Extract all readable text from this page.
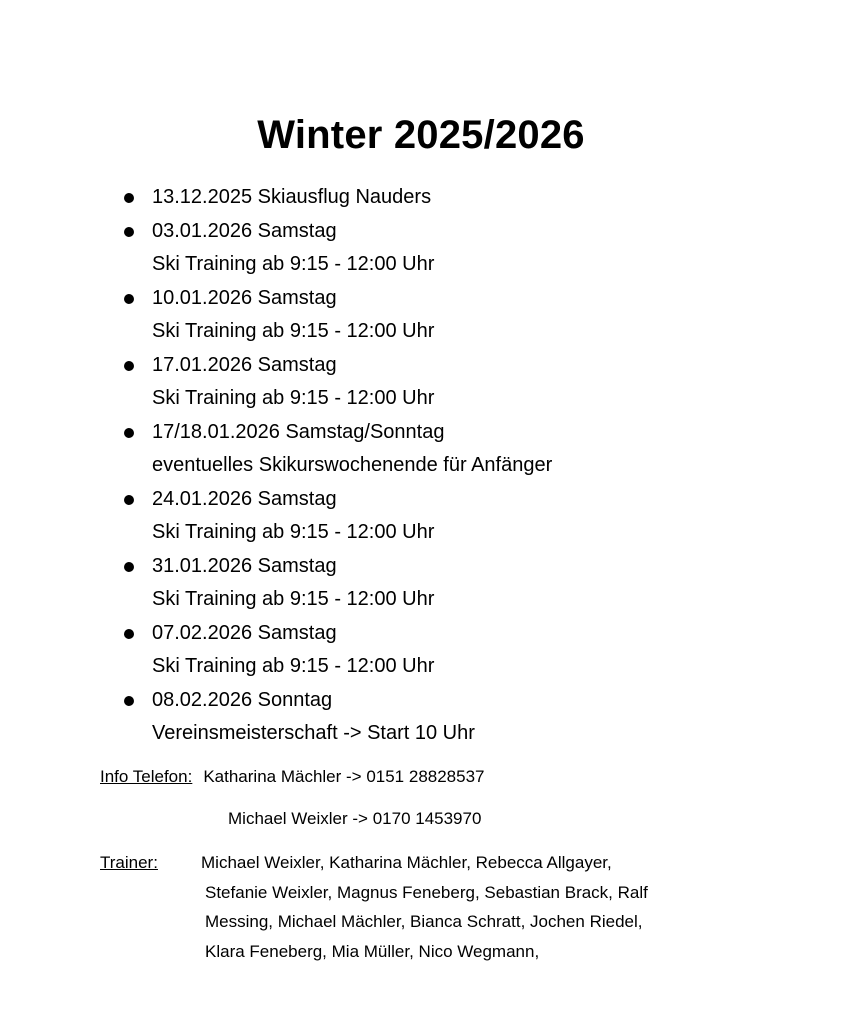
Winter 2025/2026
13.12.2025 Skiausflug Nauders
03.01.2026 Samstag
Ski Training ab 9:15 - 12:00 Uhr
10.01.2026 Samstag
Ski Training ab 9:15 - 12:00 Uhr
17.01.2026 Samstag
Ski Training ab 9:15 - 12:00 Uhr
17/18.01.2026 Samstag/Sonntag
eventuelles Skikurswochenende für Anfänger
24.01.2026 Samstag
Ski Training ab 9:15 - 12:00 Uhr
31.01.2026 Samstag
Ski Training ab 9:15 - 12:00 Uhr
07.02.2026 Samstag
Ski Training ab 9:15 - 12:00 Uhr
08.02.2026 Sonntag
Vereinsmeisterschaft -> Start 10 Uhr
Info Telefon: Katharina Mächler -> 0151 28828537
Michael Weixler -> 0170 1453970
Trainer:	Michael Weixler, Katharina Mächler, Rebecca Allgayer,
Stefanie Weixler, Magnus Feneberg, Sebastian Brack, Ralf
Messing, Michael Mächler, Bianca Schratt, Jochen Riedel,
Klara Feneberg, Mia Müller, Nico Wegmann,
